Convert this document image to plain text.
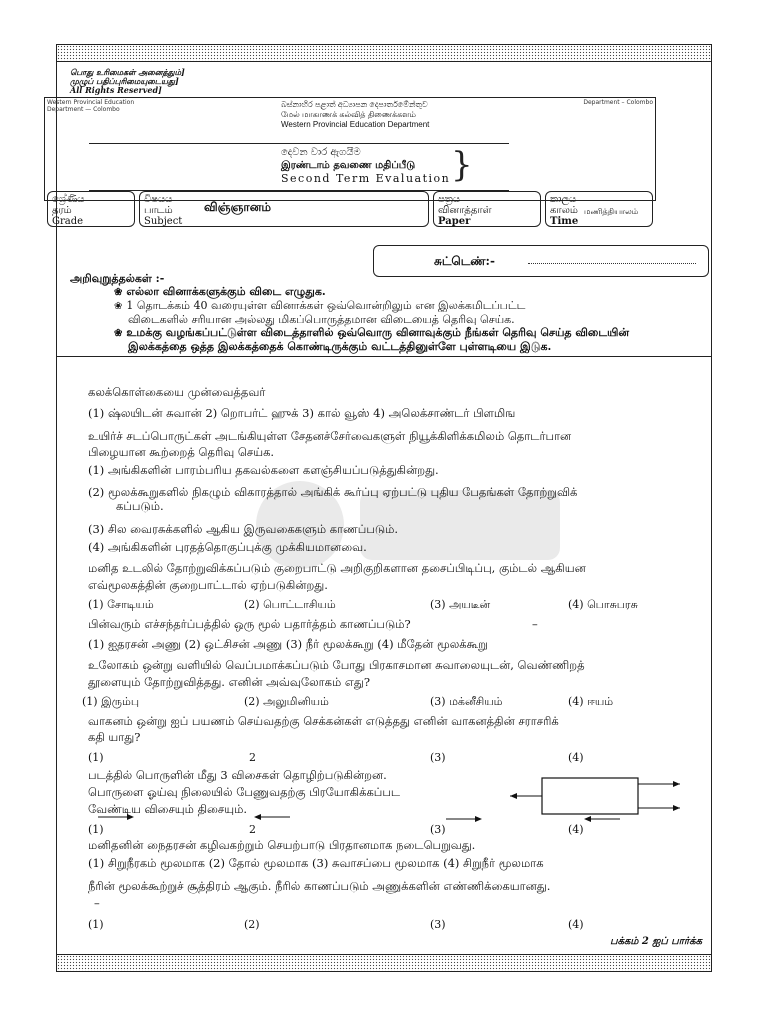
பொது உரிமைகள் அனைத்தும்]
முழுப் பதிப்புரிமையுடையது]
All Rights Reserved]
Western Provincial Education Department — Colombo
Department – Colombo
බස්නාහිර පළාත් අධ්‍යාපන දෙපාර්තමේන්තුව
மேல் மாகாணக் கல்வித் திணைக்களம்
Western Provincial Education Department
දෙවන වාර ඇගයීම
இரண்டாம் தவணை மதிப்பீடு
Second Term Evaluation }
ශ්‍රේණිය
தரம்
Grade
විෂයය
பாடம்
Subject
விஞ்ஞானம்
පත්‍රය
வினாத்தாள்
Paper
කාලය
காலம்
Time
மணித்தியாலம்
சுட்டெண்:-
அறிவுறுத்தல்கள் :-
❀ எல்லா வினாக்களுக்கும் விடை எழுதுக.
❀ 1 தொடக்கம் 40 வரையுள்ள வினாக்கள் ஒவ்வொன்றிலும் என இலக்கமிடப்பட்ட
விடைகளில் சரியான அல்லது மிகப்பொருத்தமான விடையைத் தெரிவு செய்க.
❀ உமக்கு வழங்கப்பட்டுள்ள விடைத்தாளில் ஒவ்வொரு வினாவுக்கும் நீங்கள் தெரிவு செய்த விடையின்
இலக்கத்தை ஒத்த இலக்கத்தைக் கொண்டிருக்கும் வட்டத்தினுள்ளே புள்ளடியை இடுக.
கலக்கொள்கையை முன்வைத்தவர்
(1) ஷ்லயிடன் சுவான் 2) றொபர்ட் ஹுக் 3) கால் வூஸ் 4) அலெக்சாண்டர் பிளமிங
உயிர்ச் சடப்பொருட்கள் அடங்கியுள்ள சேதனச்சேர்வைகளுள் நியூக்கிளிக்கமிலம் தொடர்பான
பிழையான கூற்றைத் தெரிவு செய்க.
(1) அங்கிகளின் பாரம்பரிய தகவல்களை களஞ்சியப்படுத்துகின்றது.
(2) மூலக்கூறுகளில் நிகழும் விகாரத்தால் அங்கிக் கூர்ப்பு ஏற்பட்டு புதிய பேதங்கள் தோற்றுவிக்
கப்படும்.
(3) சில வைரசுக்களில் ஆகிய இருவகைகளும் காணப்படும்.
(4) அங்கிகளின் புரதத்தொகுப்புக்கு முக்கியமானவை.
மனித உடலில் தோற்றுவிக்கப்படும் குறைபாட்டு அறிகுறிகளான தசைப்பிடிப்பு, கும்டல் ஆகியன
எவ்மூலகத்தின் குறைபாட்டால் ஏற்படுகின்றது.
(1) சோடியம்	(2) பொட்டாசியம்	(3) அயடீன்	(4) பொசுபரசு
பின்வரும் எச்சந்தர்ப்பத்தில் ஒரு மூல் பதார்த்தம் காணப்படும்?	–
(1) ஐதரசன் அணு (2) ஒட்சிசன் அணு (3) நீர் மூலக்கூறு (4) மீதேன் மூலக்கூறு
உலோகம் ஒன்று வளியில் வெப்பமாக்கப்படும் போது பிரகாசமான சுவாலையுடன், வெண்ணிறத்
தூளையும் தோற்றுவித்தது. எனின் அவ்வுலோகம் எது?
(1) இரும்பு	(2) அலுமினியம்	(3) மக்னீசியம்	(4) ஈயம்
வாகனம் ஒன்று ஐப் பயணம் செய்வதற்கு செக்கன்கள் எடுத்தது எனின் வாகனத்தின் சராசரிக்
கதி யாது?
(1)	2	(3)	(4)
படத்தில் பொருளின் மீது 3 விசைகள் தொழிற்படுகின்றன.
பொருளை ஓய்வு நிலையில் பேணுவதற்கு பிரயோகிக்கப்பட
வேண்டிய விசையும் திசையும்.
(1)	2	(3)	(4)
மனிதனின் நைதரசன் கழிவகற்றும் செயற்பாடு பிரதானமாக நடைபெறுவது.
(1) சிறுநீரகம் மூலமாக (2) தோல் மூலமாக (3) சுவாசப்பை மூலமாக (4) சிறுநீர் மூலமாக
நீரின் மூலக்கூற்றுச் சூத்திரம் ஆகும். நீரில் காணப்படும் அணுக்களின் எண்ணிக்கையானது.
–
(1)	(2)	(3)	(4)
பக்கம் 2 ஐப் பார்க்க
